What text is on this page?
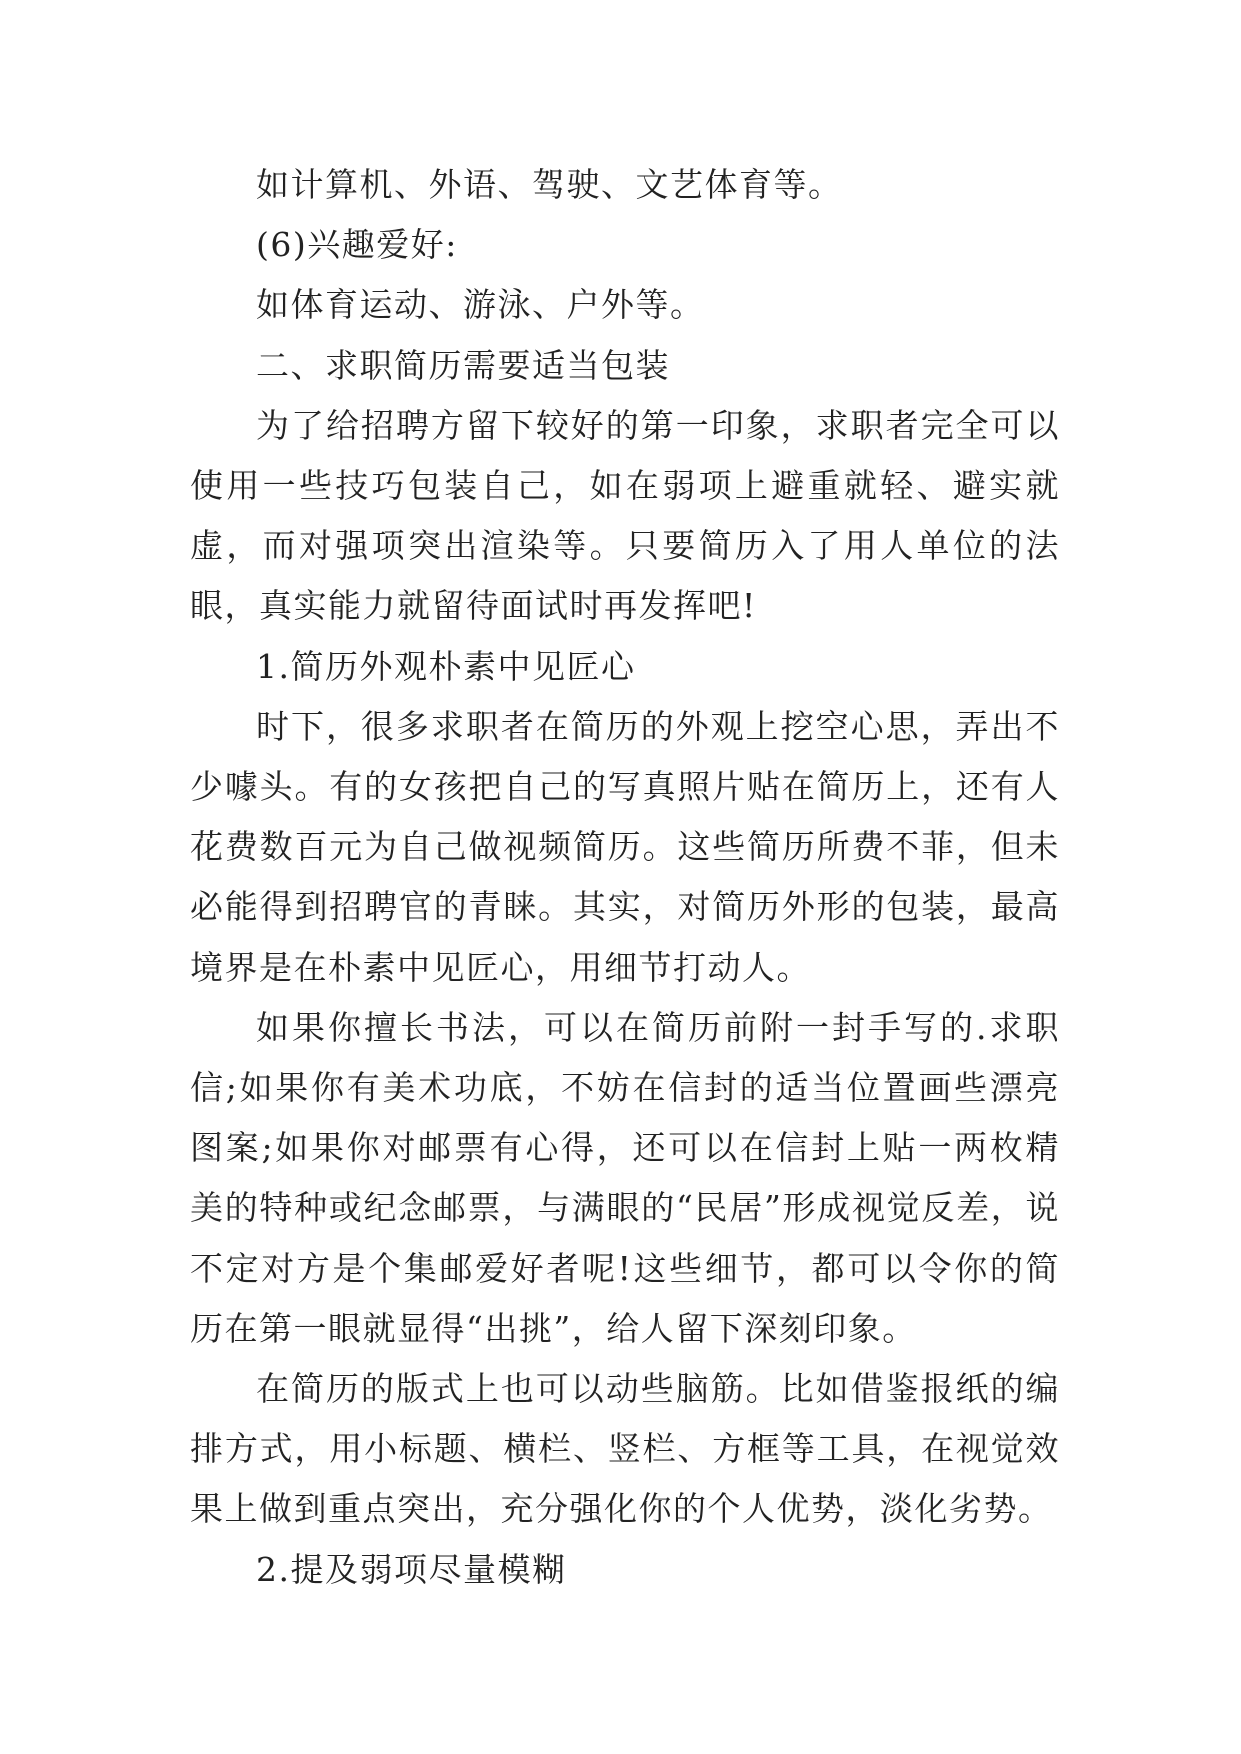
如计算机、外语、驾驶、文艺体育等。

(6)兴趣爱好:

如体育运动、游泳、户外等。

二、求职简历需要适当包装

为了给招聘方留下较好的第一印象，求职者完全可以使用一些技巧包装自己，如在弱项上避重就轻、避实就虚，而对强项突出渲染等。只要简历入了用人单位的法眼，真实能力就留待面试时再发挥吧!

1.简历外观朴素中见匠心

时下，很多求职者在简历的外观上挖空心思，弄出不少噱头。有的女孩把自己的写真照片贴在简历上，还有人花费数百元为自己做视频简历。这些简历所费不菲，但未必能得到招聘官的青睐。其实，对简历外形的包装，最高境界是在朴素中见匠心，用细节打动人。

如果你擅长书法，可以在简历前附一封手写的.求职信;如果你有美术功底，不妨在信封的适当位置画些漂亮图案;如果你对邮票有心得，还可以在信封上贴一两枚精美的特种或纪念邮票，与满眼的“民居”形成视觉反差，说不定对方是个集邮爱好者呢!这些细节，都可以令你的简历在第一眼就显得“出挑”，给人留下深刻印象。

在简历的版式上也可以动些脑筋。比如借鉴报纸的编排方式，用小标题、横栏、竖栏、方框等工具，在视觉效果上做到重点突出，充分强化你的个人优势，淡化劣势。

2.提及弱项尽量模糊
